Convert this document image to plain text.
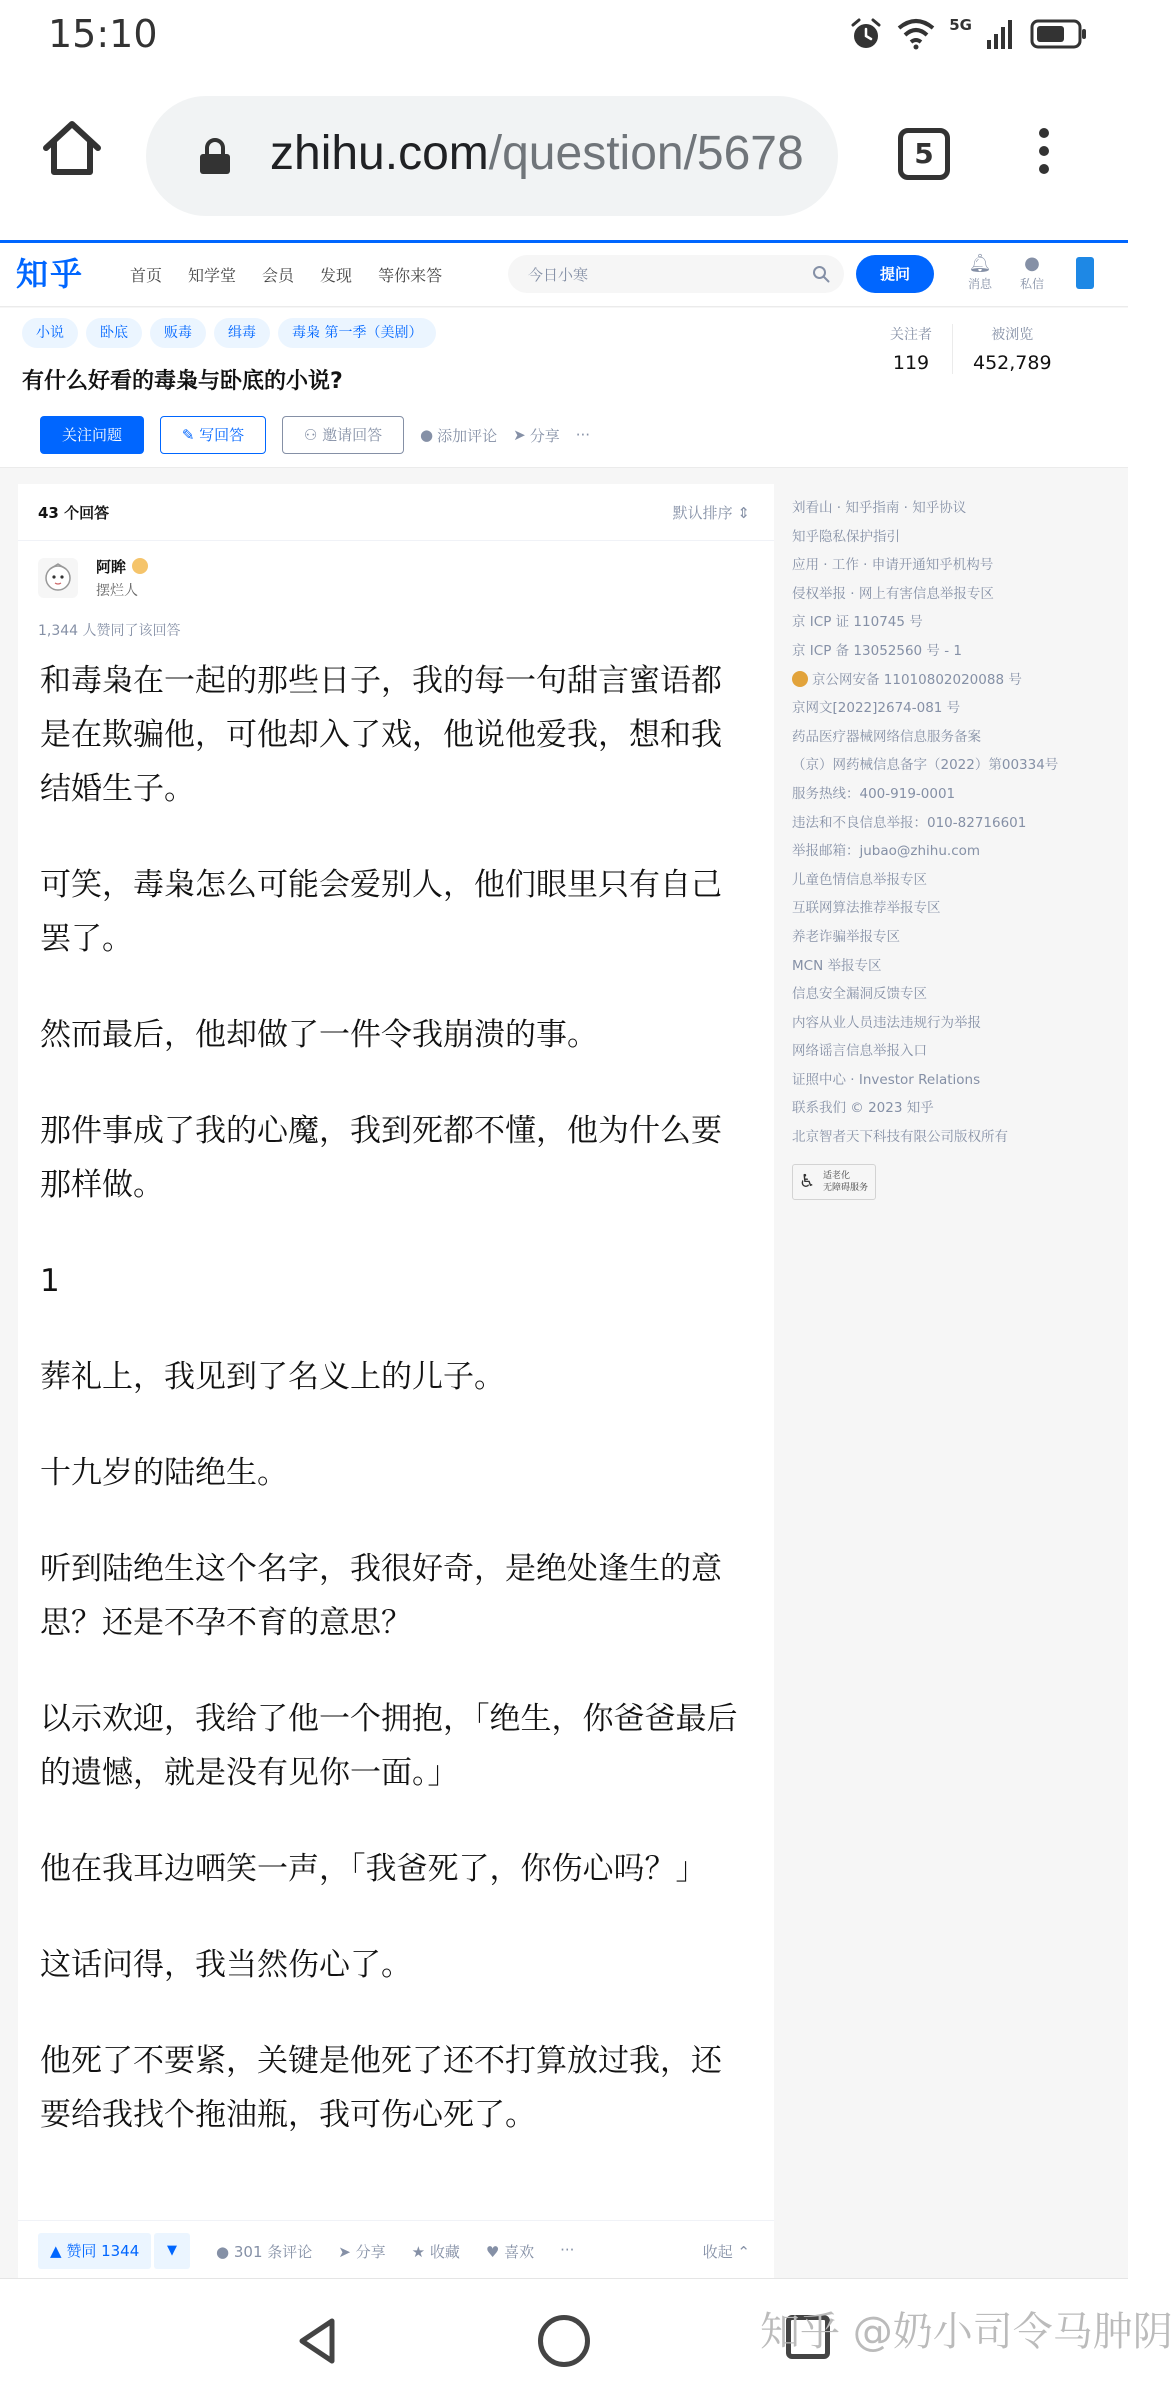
15:10	5G
zhihu.com/question/5678	5
知乎	首页 知学堂 会员 发现 等你来答	今日小寒	提问	🔔︎
消息
●
私信
小说	卧底	贩毒	缉毒	毒枭 第一季（美剧）
有什么好看的毒枭与卧底的小说?
关注问题	✎ 写回答	⚇ 邀请回答	● 添加评论 ➤ 分享 ···
关注者
119
被浏览
452,789
43 个回答	默认排序 ⇕
阿眸
摆烂人
1,344 人赞同了该回答

和毒枭在一起的那些日子，我的每一句甜言蜜语都是在欺骗他，可他却入了戏，他说他爱我，想和我结婚生子。

可笑，毒枭怎么可能会爱别人，他们眼里只有自己罢了。

然而最后，他却做了一件令我崩溃的事。

那件事成了我的心魔，我到死都不懂，他为什么要那样做。

1

葬礼上，我见到了名义上的儿子。

十九岁的陆绝生。

听到陆绝生这个名字，我很好奇，是绝处逢生的意思？还是不孕不育的意思？

以示欢迎，我给了他一个拥抱，「绝生，你爸爸最后的遗憾，就是没有见你一面。」

他在我耳边哂笑一声，「我爸死了，你伤心吗？」

这话问得，我当然伤心了。

他死了不要紧，关键是他死了还不打算放过我，还要给我找个拖油瓶，我可伤心死了。

▲ 赞同 1344	▼	● 301 条评论 ➤ 分享 ★ 收藏 ♥ 喜欢 ···	收起 ⌃
刘看山 · 知乎指南 · 知乎协议
知乎隐私保护指引
应用 · 工作 · 申请开通知乎机构号
侵权举报 · 网上有害信息举报专区
京 ICP 证 110745 号
京 ICP 备 13052560 号 - 1
京公网安备 11010802020088 号
京网文[2022]2674-081 号
药品医疗器械网络信息服务备案
（京）网药械信息备字（2022）第00334号
服务热线：400-919-0001
违法和不良信息举报：010-82716601
举报邮箱：jubao@zhihu.com
儿童色情信息举报专区
互联网算法推荐举报专区
养老诈骗举报专区
MCN 举报专区
信息安全漏洞反馈专区
内容从业人员违法违规行为举报
网络谣言信息举报入口
证照中心 · Investor Relations
联系我们 © 2023 知乎
北京智者天下科技有限公司版权所有
♿ 适老化
无障碍服务
知乎 @奶小司令马肿阴
